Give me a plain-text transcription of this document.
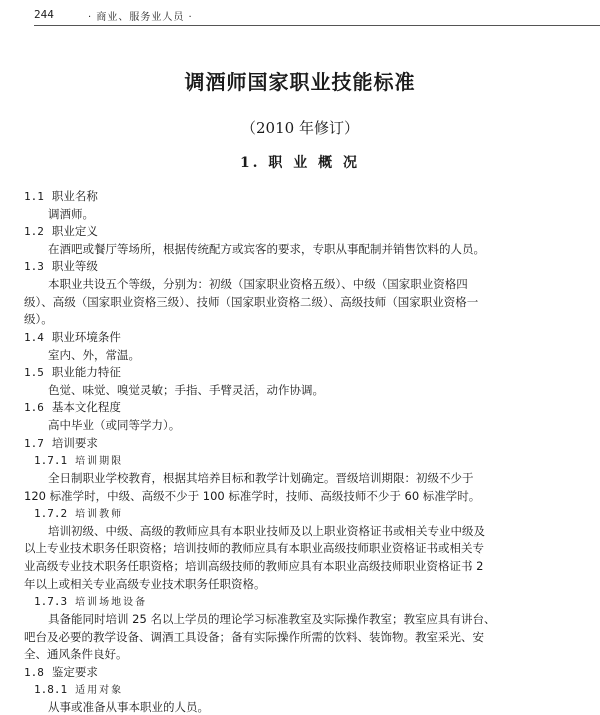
244	· 商业、服务业人员 ·
调酒师国家职业技能标准
（2010 年修订）
1. 职 业 概 况
1.1 职业名称
调酒师。
1.2 职业定义
在酒吧或餐厅等场所，根据传统配方或宾客的要求，专职从事配制并销售饮料的人员。
1.3 职业等级
本职业共设五个等级，分别为：初级（国家职业资格五级）、中级（国家职业资格四
级）、高级（国家职业资格三级）、技师（国家职业资格二级）、高级技师（国家职业资格一
级）。
1.4 职业环境条件
室内、外，常温。
1.5 职业能力特征
色觉、味觉、嗅觉灵敏；手指、手臂灵活，动作协调。
1.6 基本文化程度
高中毕业（或同等学力）。
1.7 培训要求
1.7.1 培训期限
全日制职业学校教育，根据其培养目标和教学计划确定。晋级培训期限：初级不少于
120 标准学时，中级、高级不少于 100 标准学时，技师、高级技师不少于 60 标准学时。
1.7.2 培训教师
培训初级、中级、高级的教师应具有本职业技师及以上职业资格证书或相关专业中级及
以上专业技术职务任职资格；培训技师的教师应具有本职业高级技师职业资格证书或相关专
业高级专业技术职务任职资格；培训高级技师的教师应具有本职业高级技师职业资格证书 2
年以上或相关专业高级专业技术职务任职资格。
1.7.3 培训场地设备
具备能同时培训 25 名以上学员的理论学习标准教室及实际操作教室；教室应具有讲台、
吧台及必要的教学设备、调酒工具设备；备有实际操作所需的饮料、装饰物。教室采光、安
全、通风条件良好。
1.8 鉴定要求
1.8.1 适用对象
从事或准备从事本职业的人员。
